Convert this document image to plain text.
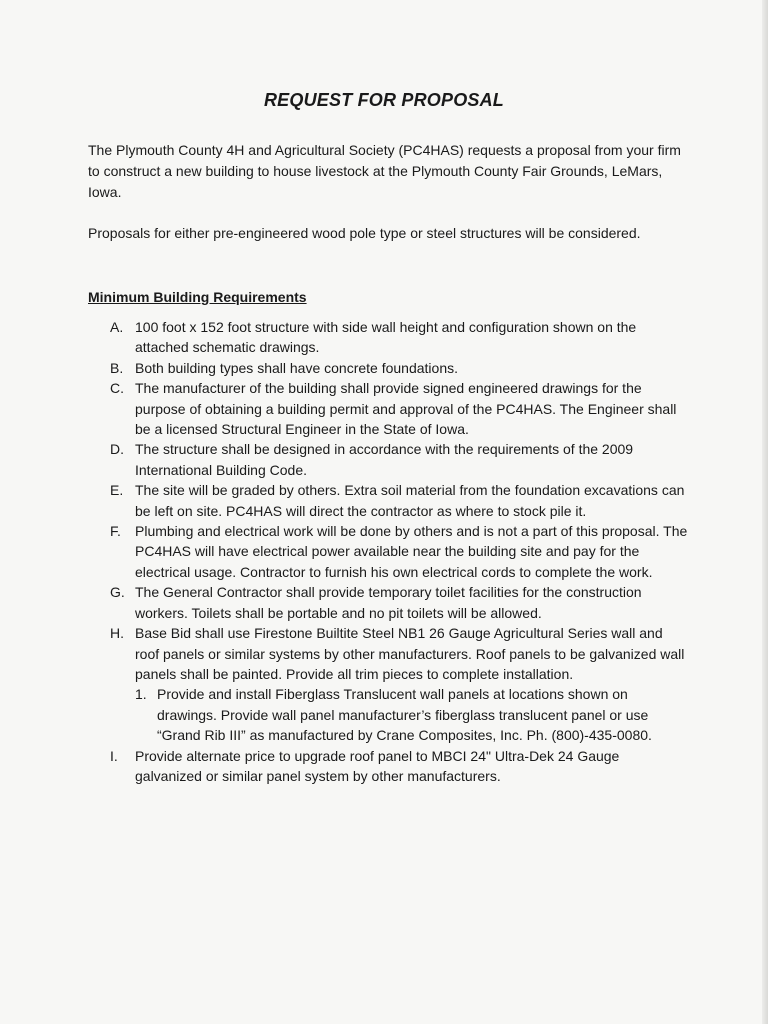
REQUEST FOR PROPOSAL
The Plymouth County 4H and Agricultural Society (PC4HAS) requests a proposal from your firm to construct a new building to house livestock at the Plymouth County Fair Grounds, LeMars, Iowa.
Proposals for either pre-engineered wood pole type or steel structures will be considered.
Minimum Building Requirements
A. 100 foot x 152 foot structure with side wall height and configuration shown on the attached schematic drawings.
B. Both building types shall have concrete foundations.
C. The manufacturer of the building shall provide signed engineered drawings for the purpose of obtaining a building permit and approval of the PC4HAS. The Engineer shall be a licensed Structural Engineer in the State of Iowa.
D. The structure shall be designed in accordance with the requirements of the 2009 International Building Code.
E. The site will be graded by others. Extra soil material from the foundation excavations can be left on site. PC4HAS will direct the contractor as where to stock pile it.
F.	Plumbing and electrical work will be done by others and is not a part of this proposal. The PC4HAS will have electrical power available near the building site and pay for the electrical usage. Contractor to furnish his own electrical cords to complete the work.
G. The General Contractor shall provide temporary toilet facilities for the construction workers. Toilets shall be portable and no pit toilets will be allowed.
H. Base Bid shall use Firestone Builtite Steel NB1 26 Gauge Agricultural Series wall and roof panels or similar systems by other manufacturers. Roof panels to be galvanized wall panels shall be painted. Provide all trim pieces to complete installation.
1. Provide and install Fiberglass Translucent wall panels at locations shown on drawings. Provide wall panel manufacturer’s fiberglass translucent panel or use “Grand Rib III” as manufactured by Crane Composites, Inc. Ph. (800)-435-0080.
I.	Provide alternate price to upgrade roof panel to MBCI 24" Ultra-Dek 24 Gauge galvanized or similar panel system by other manufacturers.
